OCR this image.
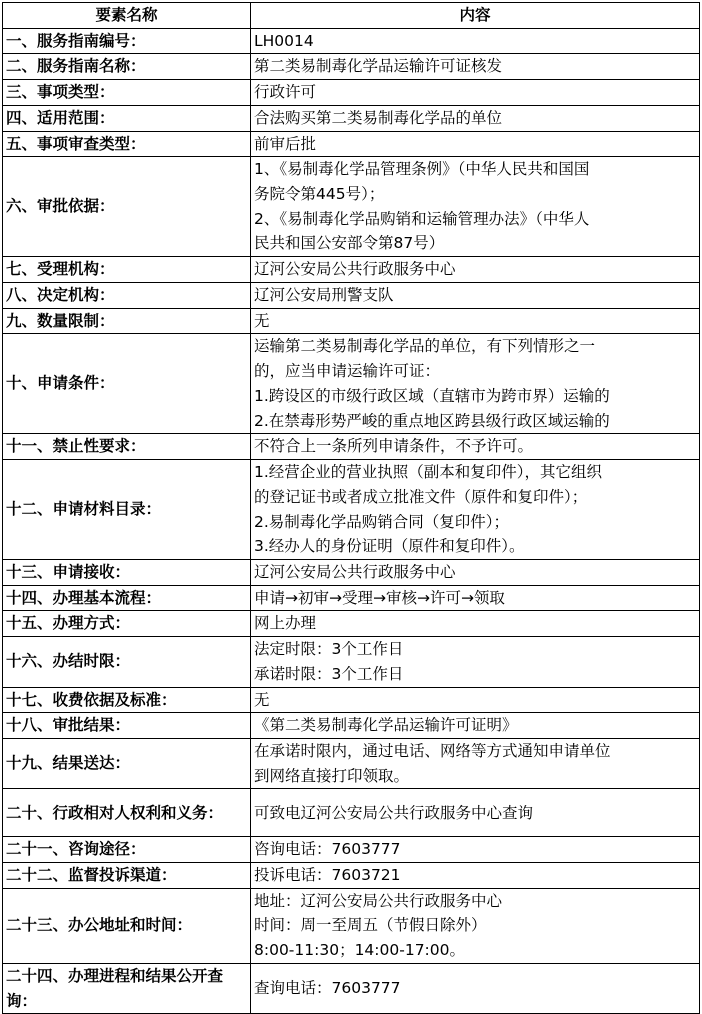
要素名称	内容
一、服务指南编号：	LH0014

二、服务指南名称：	第二类易制毒化学品运输许可证核发

三、事项类型：	行政许可

四、适用范围：	合法购买第二类易制毒化学品的单位

五、事项审查类型：	前审后批

六、审批依据：	1、《易制毒化学品管理条例》（中华人民共和国国
务院令第445号）；
2、《易制毒化学品购销和运输管理办法》（中华人
民共和国公安部令第87号）

七、受理机构：	辽河公安局公共行政服务中心

八、决定机构：	辽河公安局刑警支队

九、数量限制：	无

十、申请条件：	运输第二类易制毒化学品的单位，有下列情形之一
的，应当申请运输许可证：
1.跨设区的市级行政区域（直辖市为跨市界）运输的
2.在禁毒形势严峻的重点地区跨县级行政区域运输的

十一、禁止性要求：	不符合上一条所列申请条件，不予许可。

十二、申请材料目录：	1.经营企业的营业执照（副本和复印件），其它组织
的登记证书或者成立批准文件（原件和复印件）；
2.易制毒化学品购销合同（复印件）；
3.经办人的身份证明（原件和复印件）。

十三、申请接收：	辽河公安局公共行政服务中心

十四、办理基本流程：	申请→初审→受理→审核→许可→领取

十五、办理方式：	网上办理

十六、办结时限：	法定时限：3个工作日
承诺时限：3个工作日

十七、收费依据及标准：	无

十八、审批结果：	《第二类易制毒化学品运输许可证明》

十九、结果送达：	在承诺时限内，通过电话、网络等方式通知申请单位
到网络直接打印领取。

二十、行政相对人权利和义务：	可致电辽河公安局公共行政服务中心查询

二十一、咨询途径：	咨询电话：7603777

二十二、监督投诉渠道：	投诉电话：7603721

二十三、办公地址和时间：	地址：辽河公安局公共行政服务中心
时间：周一至周五（节假日除外）
8:00-11:30；14:00-17:00。

二十四、办理进程和结果公开查询：	查询电话：7603777
